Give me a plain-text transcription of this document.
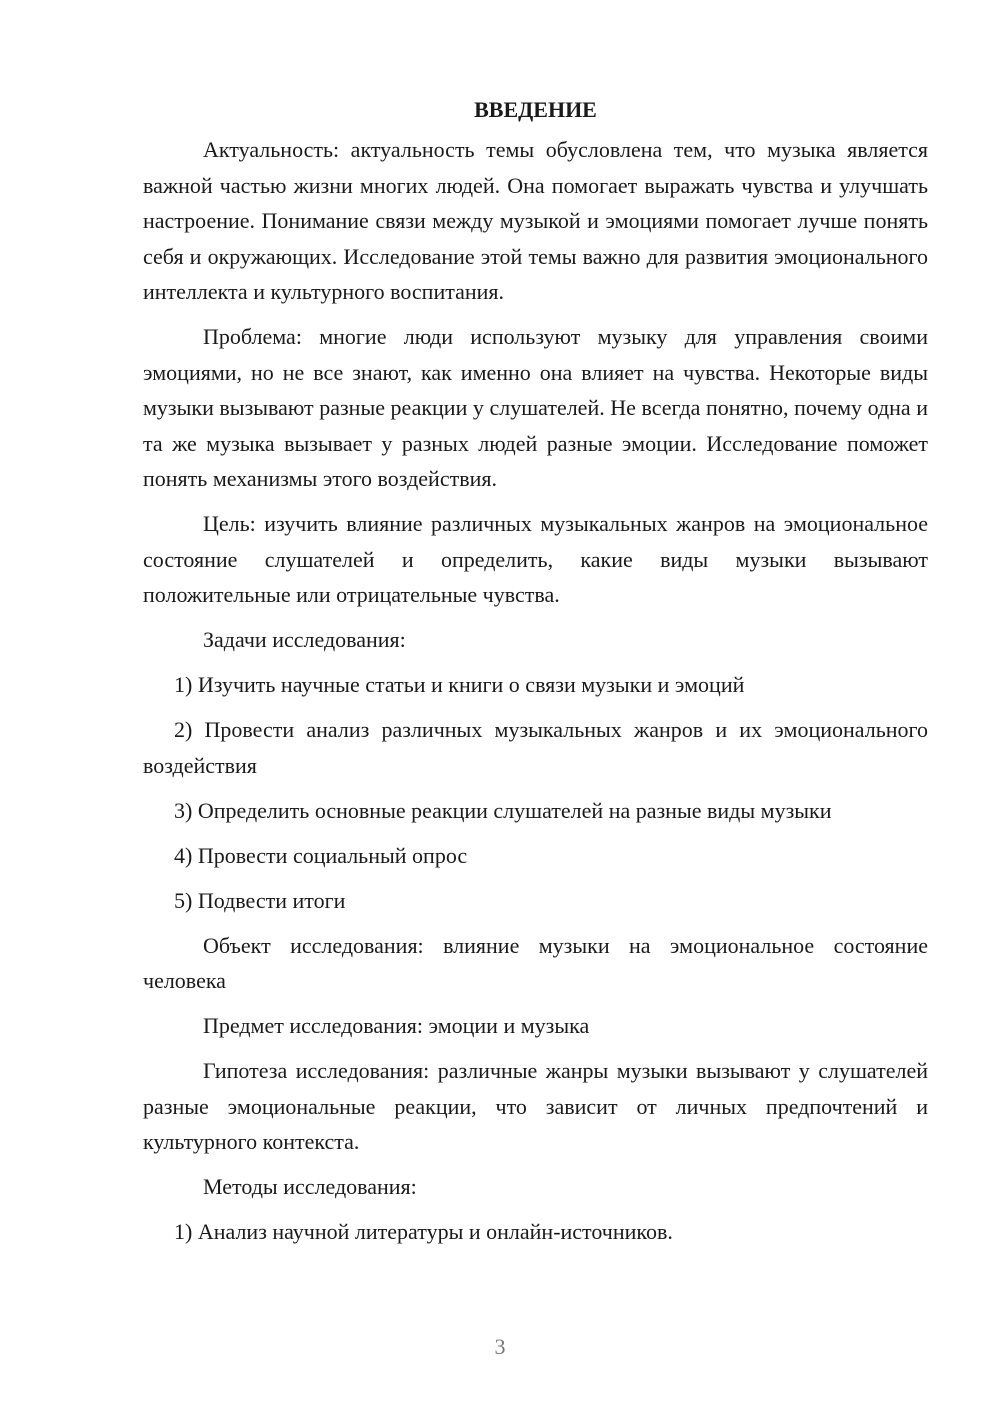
ВВЕДЕНИЕ

Актуальность: актуальность темы обусловлена тем, что музыка является важной частью жизни многих людей. Она помогает выражать чувства и улучшать настроение. Понимание связи между музыкой и эмоциями помогает лучше понять себя и окружающих. Исследование этой темы важно для развития эмоционального интеллекта и культурного воспитания.

Проблема: многие люди используют музыку для управления своими эмоциями, но не все знают, как именно она влияет на чувства. Некоторые виды музыки вызывают разные реакции у слушателей. Не всегда понятно, почему одна и та же музыка вызывает у разных людей разные эмоции. Исследование поможет понять механизмы этого воздействия.

Цель: изучить влияние различных музыкальных жанров на эмоциональное состояние слушателей и определить, какие виды музыки вызывают положительные или отрицательные чувства.

Задачи исследования:

1) Изучить научные статьи и книги о связи музыки и эмоций

2) Провести анализ различных музыкальных жанров и их эмоционального воздействия

3) Определить основные реакции слушателей на разные виды музыки

4) Провести социальный опрос

5) Подвести итоги

Объект исследования: влияние музыки на эмоциональное состояние человека

Предмет исследования: эмоции и музыка

Гипотеза исследования: различные жанры музыки вызывают у слушателей разные эмоциональные реакции, что зависит от личных предпочтений и культурного контекста.

Методы исследования:

1) Анализ научной литературы и онлайн-источников.

3
